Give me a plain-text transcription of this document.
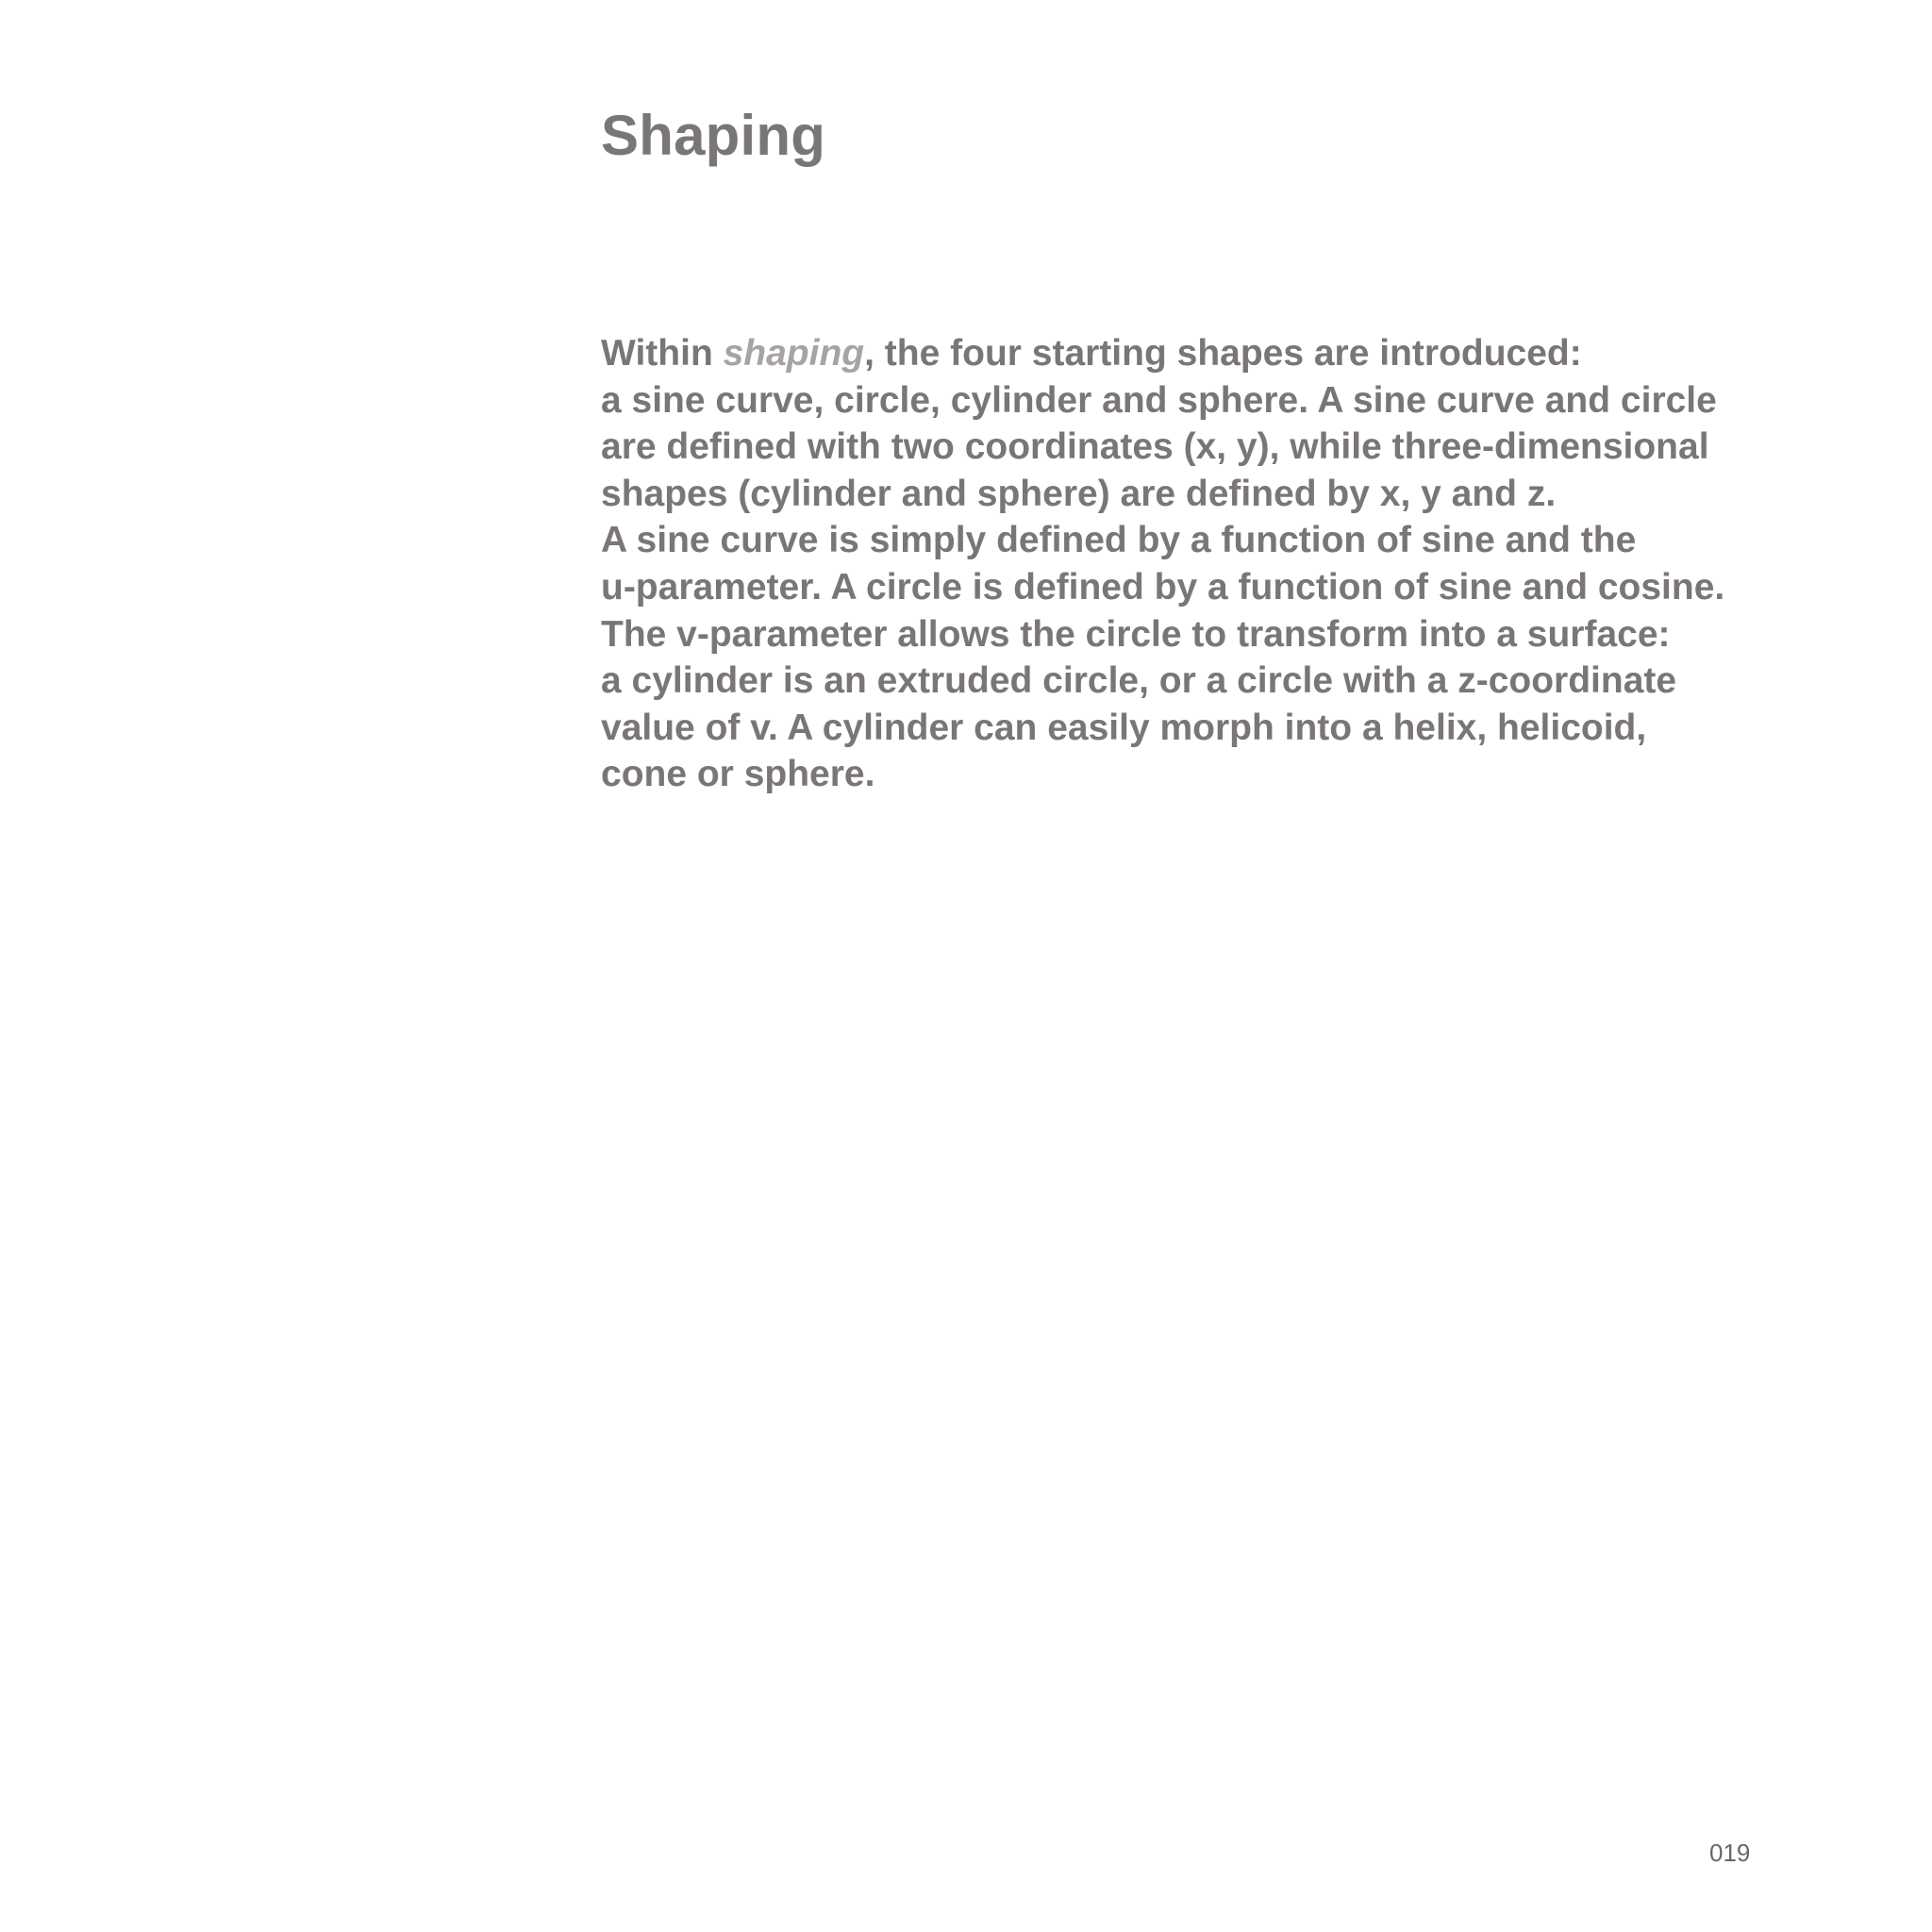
Shaping

Within shaping, the four starting shapes are introduced:
a sine curve, circle, cylinder and sphere. A sine curve and circle
are defined with two coordinates (x, y), while three-dimensional
shapes (cylinder and sphere) are defined by x, y and z.
A sine curve is simply defined by a function of sine and the
u-parameter. A circle is defined by a function of sine and cosine.
The v-parameter allows the circle to transform into a surface:
a cylinder is an extruded circle, or a circle with a z-coordinate
value of v. A cylinder can easily morph into a helix, helicoid,
cone or sphere.

019
